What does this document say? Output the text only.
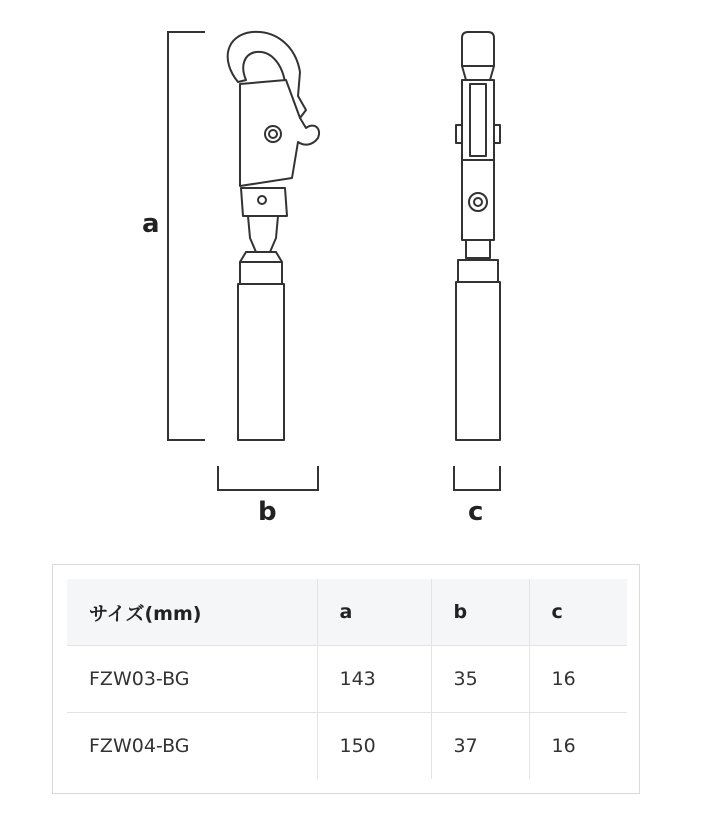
a
b	c
サイズ(mm)	a	b	c
FZW03-BG	143	35	16
FZW04-BG	150	37	16
